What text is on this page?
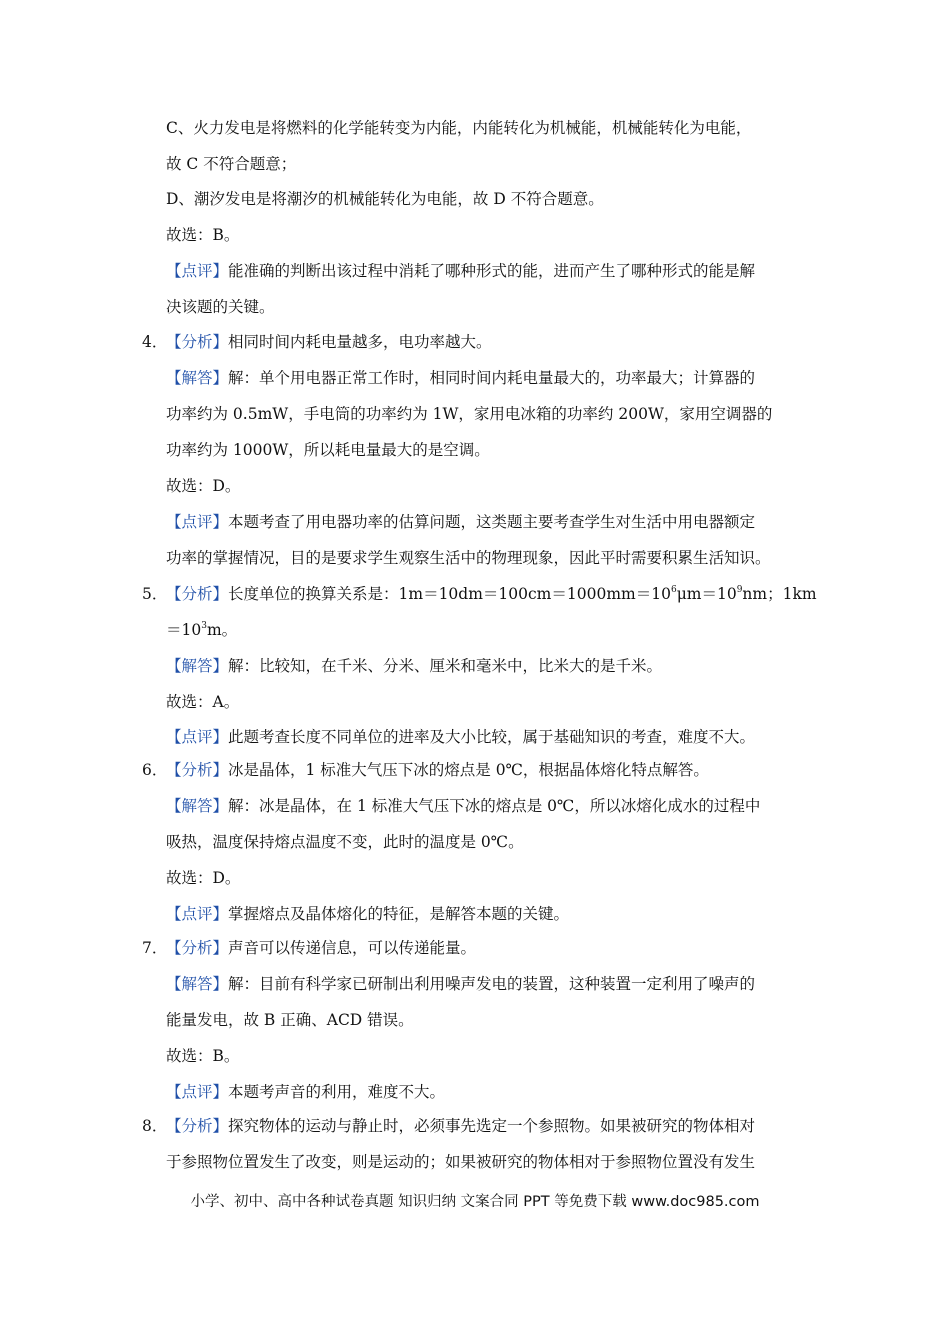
C、火力发电是将燃料的化学能转变为内能，内能转化为机械能，机械能转化为电能，
故 C 不符合题意；
D、潮汐发电是将潮汐的机械能转化为电能，故 D 不符合题意。
故选：B。
【点评】能准确的判断出该过程中消耗了哪种形式的能，进而产生了哪种形式的能是解
决该题的关键。
4．
【分析】相同时间内耗电量越多，电功率越大。
【解答】解：单个用电器正常工作时，相同时间内耗电量最大的，功率最大；计算器的
功率约为 0.5mW，手电筒的功率约为 1W，家用电冰箱的功率约 200W，家用空调器的
功率约为 1000W，所以耗电量最大的是空调。
故选：D。
【点评】本题考查了用电器功率的估算问题，这类题主要考查学生对生活中用电器额定
功率的掌握情况，目的是要求学生观察生活中的物理现象，因此平时需要积累生活知识。
5．
【分析】长度单位的换算关系是：$1m=10dm=100cm=1000mm=10^6\mu m=10^9nm$；1km
$=10^3m$。
【解答】解：比较知，在千米、分米、厘米和毫米中，比米大的是千米。
故选：A。
【点评】此题考查长度不同单位的进率及大小比较，属于基础知识的考查，难度不大。
6．
【分析】冰是晶体，1 标准大气压下冰的熔点是 0℃，根据晶体熔化特点解答。
【解答】解：冰是晶体，在 1 标准大气压下冰的熔点是 0℃，所以冰熔化成水的过程中
吸热，温度保持熔点温度不变，此时的温度是 0℃。
故选：D。
【点评】掌握熔点及晶体熔化的特征，是解答本题的关键。
7．
【分析】声音可以传递信息，可以传递能量。
【解答】解：目前有科学家已研制出利用噪声发电的装置，这种装置一定利用了噪声的
能量发电，故 B 正确、ACD 错误。
故选：B。
【点评】本题考声音的利用，难度不大。
8．
【分析】探究物体的运动与静止时，必须事先选定一个参照物。如果被研究的物体相对
于参照物位置发生了改变，则是运动的；如果被研究的物体相对于参照物位置没有发生
小学、初中、高中各种试卷真题 知识归纳 文案合同 PPT 等免费下载 www.doc985.com
